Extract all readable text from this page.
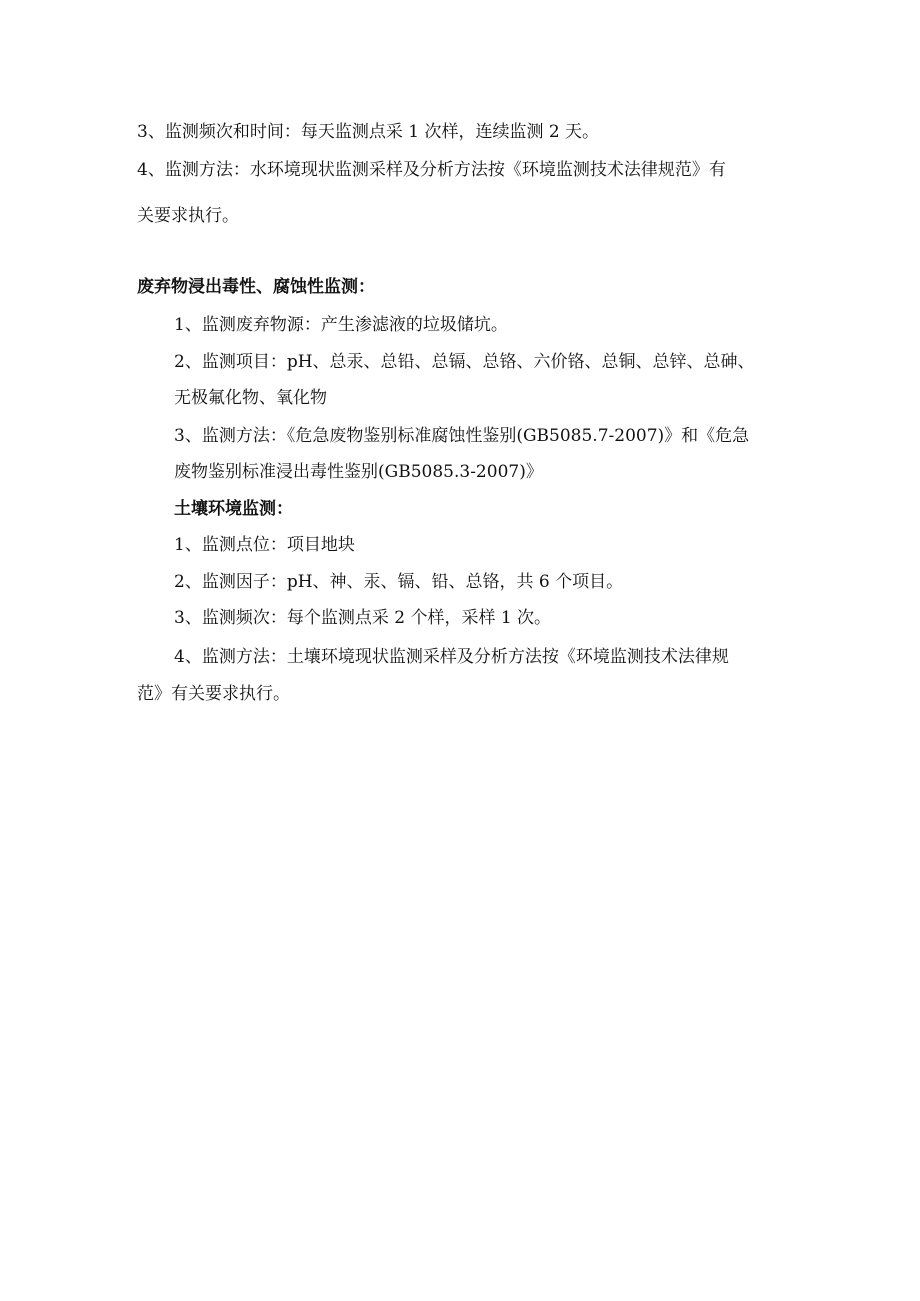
3、监测频次和时间：每天监测点采 1 次样，连续监测 2 天。
4、监测方法：水环境现状监测采样及分析方法按《环境监测技术法律规范》有
关要求执行。
废弃物浸出毒性、腐蚀性监测：
1、监测废弃物源：产生渗滤液的垃圾储坑。
2、监测项目：pH、总汞、总铅、总镉、总铬、六价铬、总铜、总锌、总砷、
无极氟化物、氧化物
3、监测方法：《危急废物鉴别标准腐蚀性鉴别(GB5085.7-2007)》和《危急
废物鉴别标准浸出毒性鉴别(GB5085.3-2007)》
土壤环境监测：
1、监测点位：项目地块
2、监测因子：pH、神、汞、镉、铅、总铬，共 6 个项目。
3、监测频次：每个监测点采 2 个样，采样 1 次。
4、监测方法：土壤环境现状监测采样及分析方法按《环境监测技术法律规
范》有关要求执行。
